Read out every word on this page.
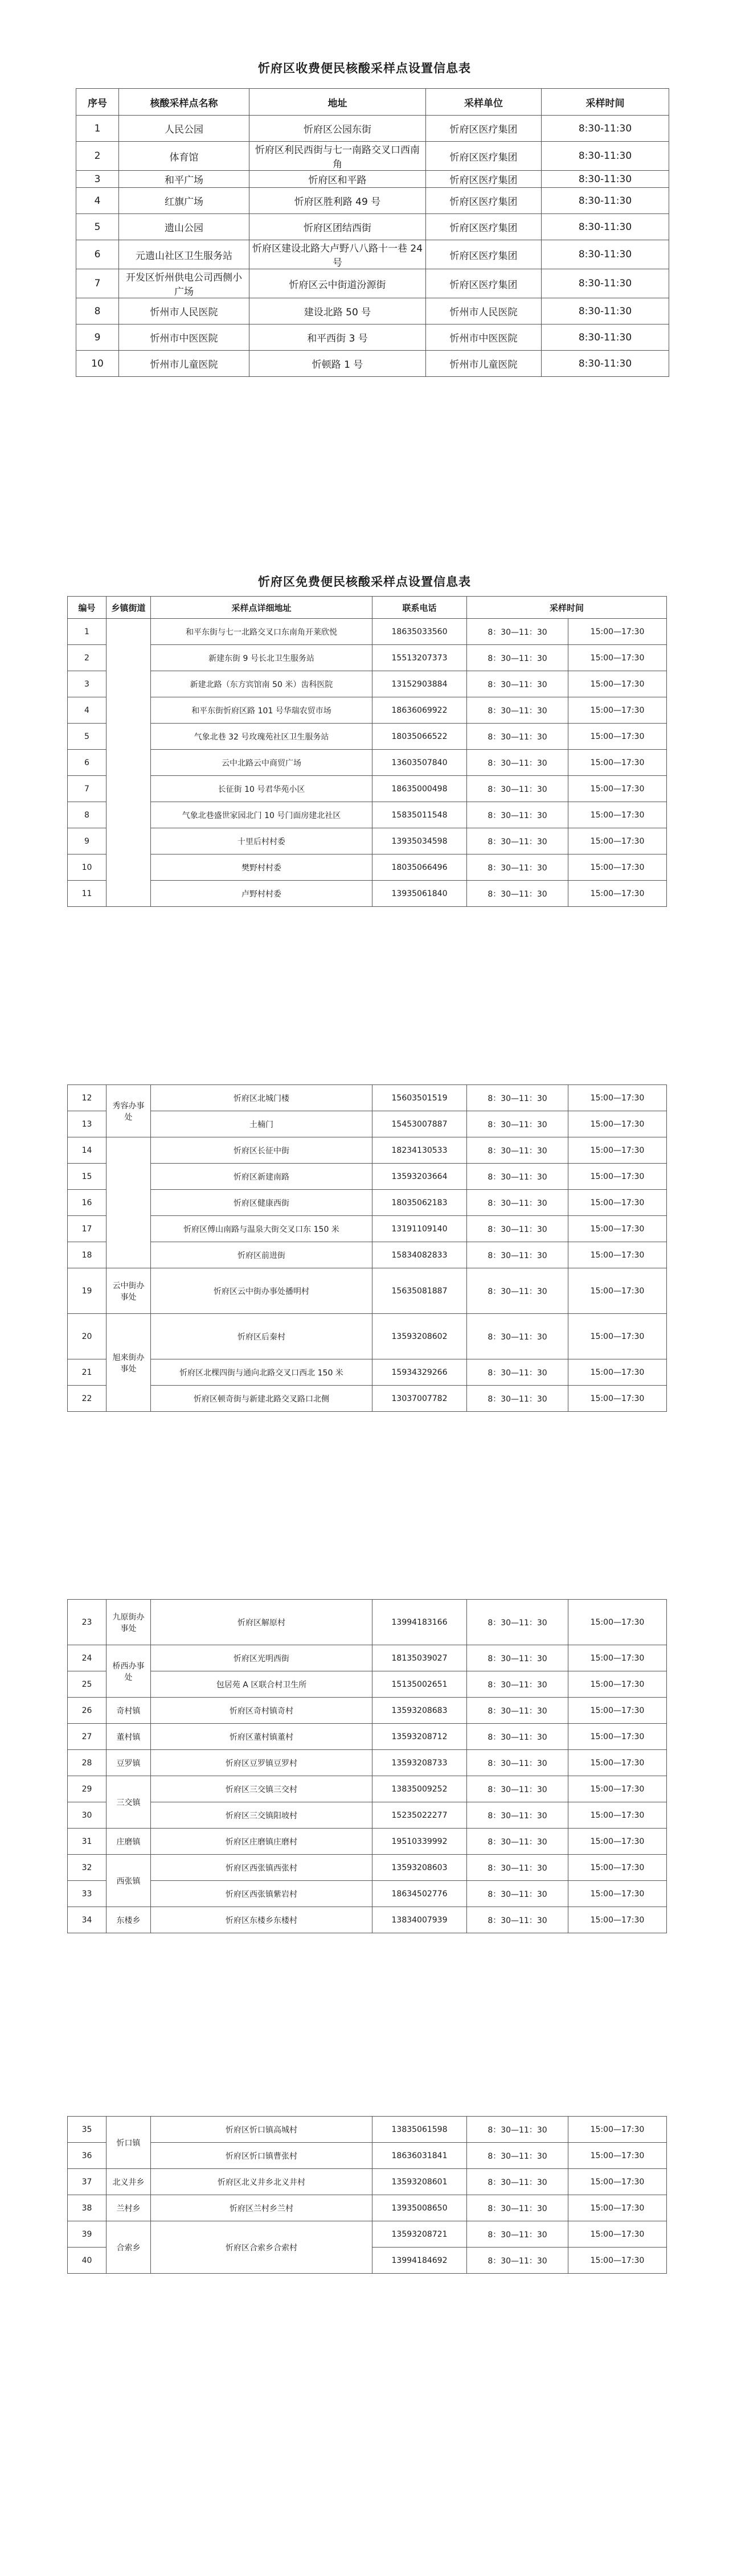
忻府区收费便民核酸采样点设置信息表
序号	核酸采样点名称	地址	采样单位	采样时间
1	人民公园	忻府区公园东街	忻府区医疗集团	8:30-11:30
2	体育馆	忻府区利民西街与七一南路交叉口西南角	忻府区医疗集团	8:30-11:30
3	和平广场	忻府区和平路	忻府区医疗集团	8:30-11:30
4	红旗广场	忻府区胜利路 49 号	忻府区医疗集团	8:30-11:30
5	遗山公园	忻府区团结西街	忻府区医疗集团	8:30-11:30
6	元遗山社区卫生服务站	忻府区建设北路大卢野八八路十一巷 24 号	忻府区医疗集团	8:30-11:30
7	开发区忻州供电公司西侧小广场	忻府区云中街道汾源街	忻府区医疗集团	8:30-11:30
8	忻州市人民医院	建设北路 50 号	忻州市人民医院	8:30-11:30
9	忻州市中医医院	和平西街 3 号	忻州市中医医院	8:30-11:30
10	忻州市儿童医院	忻顿路 1 号	忻州市儿童医院	8:30-11:30
忻府区免费便民核酸采样点设置信息表
编号	乡镇街道	采样点详细地址	联系电话	采样时间	
1		和平东街与七一北路交叉口东南角开莱欣悦	18635033560	8：30—11：30	15:00—17:30
2		新建东街 9 号长北卫生服务站	15513207373	8：30—11：30	15:00—17:30
3		新建北路（东方宾馆南 50 米）齿科医院	13152903884	8：30—11：30	15:00—17:30
4		和平东街忻府区路 101 号华瑞农贸市场	18636069922	8：30—11：30	15:00—17:30
5		气象北巷 32 号玫瑰苑社区卫生服务站	18035066522	8：30—11：30	15:00—17:30
6		云中北路云中商贸广场	13603507840	8：30—11：30	15:00—17:30
7		长征街 10 号君华苑小区	18635000498	8：30—11：30	15:00—17:30
8		气象北巷盛世家园北门 10 号门面房建北社区	15835011548	8：30—11：30	15:00—17:30
9		十里后村村委	13935034598	8：30—11：30	15:00—17:30
10		樊野村村委	18035066496	8：30—11：30	15:00—17:30
11		卢野村村委	13935061840	8：30—11：30	15:00—17:30
12	秀容办事处	忻府区北城门楼	15603501519	8：30—11：30	15:00—17:30
13		土楠门	15453007887	8：30—11：30	15:00—17:30
14		忻府区长征中街	18234130533	8：30—11：30	15:00—17:30
15		忻府区新建南路	13593203664	8：30—11：30	15:00—17:30
16		忻府区健康西街	18035062183	8：30—11：30	15:00—17:30
17		忻府区傅山南路与温泉大街交叉口东 150 米	13191109140	8：30—11：30	15:00—17:30
18		忻府区前进街	15834082833	8：30—11：30	15:00—17:30
19	云中街办事处	忻府区云中街办事处播明村	15635081887	8：30—11：30	15:00—17:30
20	旭来街办事处	忻府区后秦村	13593208602	8：30—11：30	15:00—17:30
21		忻府区北棵四街与通向北路交叉口西北 150 米	15934329266	8：30—11：30	15:00—17:30
22		忻府区顿奇街与新建北路交叉路口北侧	13037007782	8：30—11：30	15:00—17:30
23	九原街办事处	忻府区解原村	13994183166	8：30—11：30	15:00—17:30
24	桥西办事处	忻府区光明西街	18135039027	8：30—11：30	15:00—17:30
25		包居苑 A 区联合村卫生所	15135002651	8：30—11：30	15:00—17:30
26	奇村镇	忻府区奇村镇奇村	13593208683	8：30—11：30	15:00—17:30
27	董村镇	忻府区董村镇董村	13593208712	8：30—11：30	15:00—17:30
28	豆罗镇	忻府区豆罗镇豆罗村	13593208733	8：30—11：30	15:00—17:30
29	三交镇	忻府区三交镇三交村	13835009252	8：30—11：30	15:00—17:30
30		忻府区三交镇阳坡村	15235022277	8：30—11：30	15:00—17:30
31	庄磨镇	忻府区庄磨镇庄磨村	19510339992	8：30—11：30	15:00—17:30
32	西张镇	忻府区西张镇西张村	13593208603	8：30—11：30	15:00—17:30
33		忻府区西张镇紫岩村	18634502776	8：30—11：30	15:00—17:30
34	东楼乡	忻府区东楼乡东楼村	13834007939	8：30—11：30	15:00—17:30
35	忻口镇	忻府区忻口镇高城村	13835061598	8：30—11：30	15:00—17:30
36		忻府区忻口镇曹张村	18636031841	8：30—11：30	15:00—17:30
37	北义井乡	忻府区北义井乡北义井村	13593208601	8：30—11：30	15:00—17:30
38	兰村乡	忻府区兰村乡兰村	13935008650	8：30—11：30	15:00—17:30
39	合索乡	忻府区合索乡合索村	13593208721	8：30—11：30	15:00—17:30
40			13994184692	8：30—11：30	15:00—17:30
